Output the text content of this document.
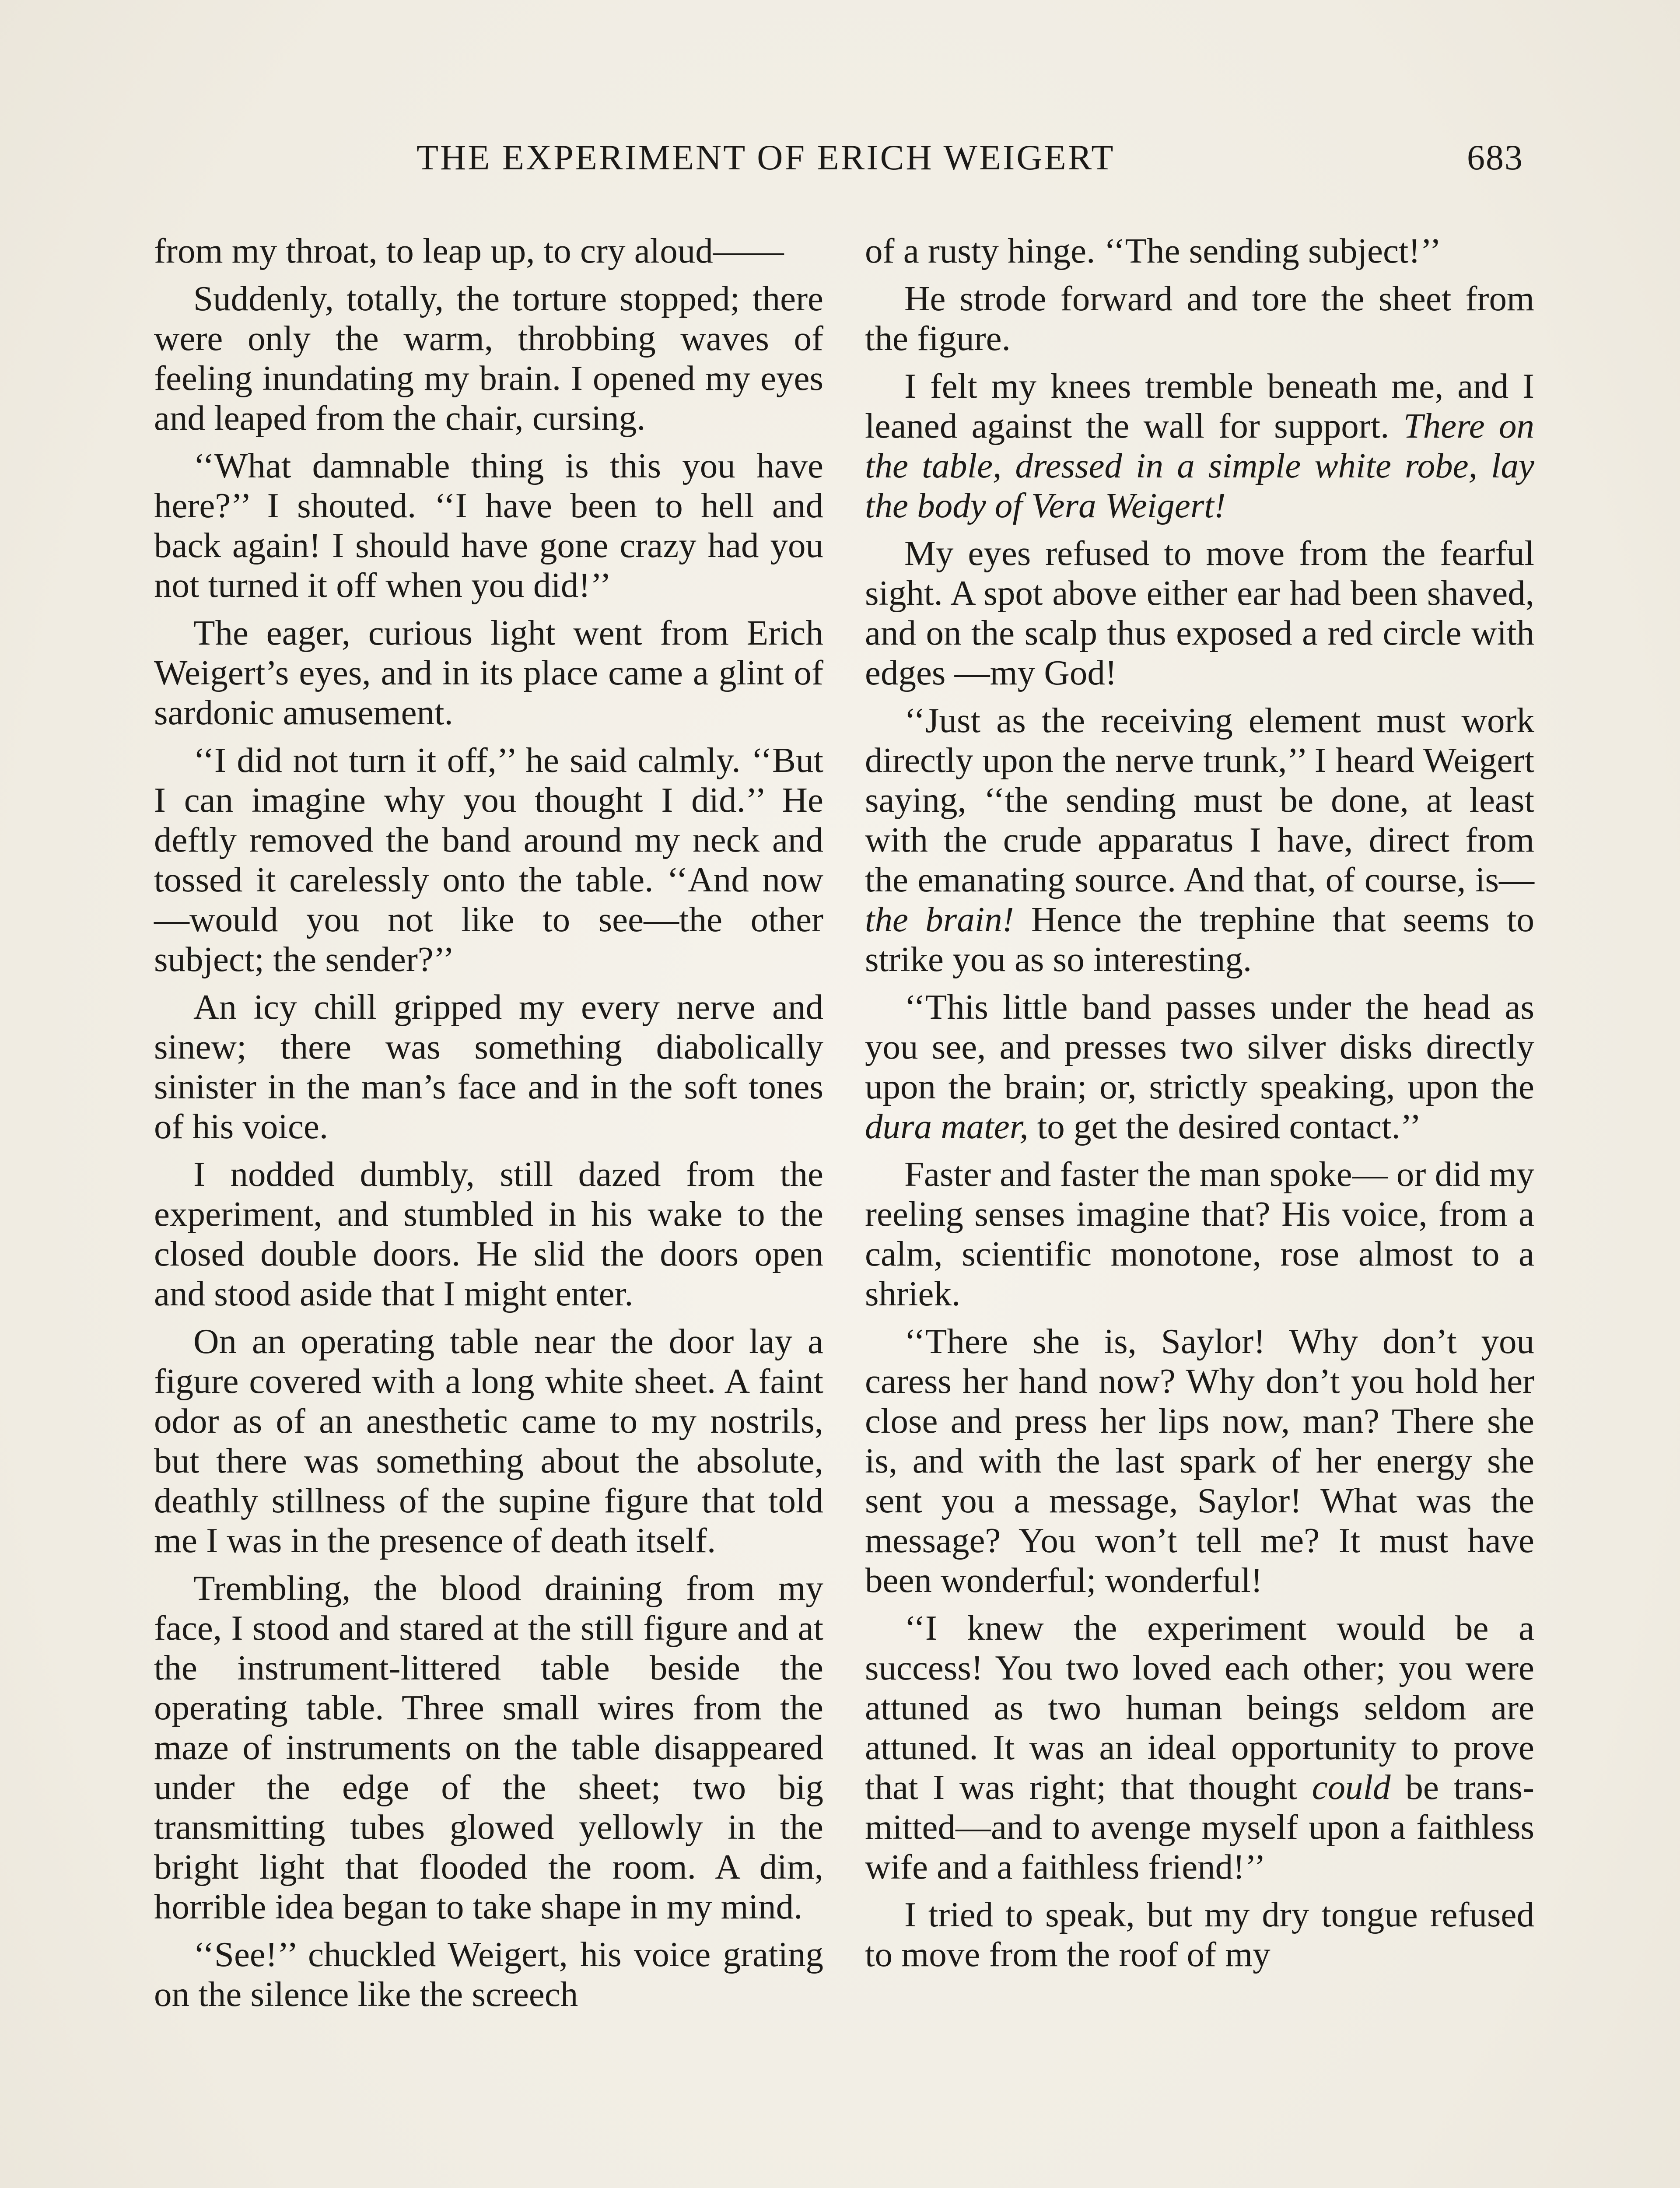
THE EXPERIMENT OF ERICH WEIGERT	683

from my throat, to leap up, to cry aloud——

Suddenly, totally, the torture stopped; there were only the warm, throbbing waves of feeling inundating my brain. I opened my eyes and leaped from the chair, cursing.

‘‘What damnable thing is this you have here?’’ I shouted. ‘‘I have been to hell and back again! I should have gone crazy had you not turned it off when you did!’’

The eager, curious light went from Erich Weigert’s eyes, and in its place came a glint of sardonic amusement.

‘‘I did not turn it off,’’ he said calmly. ‘‘But I can imagine why you thought I did.’’ He deftly removed the band around my neck and tossed it carelessly onto the table. ‘‘And now—would you not like to see—the other subject; the sender?’’

An icy chill gripped my every nerve and sinew; there was something diabolically sinister in the man’s face and in the soft tones of his voice.

I nodded dumbly, still dazed from the experiment, and stumbled in his wake to the closed double doors. He slid the doors open and stood aside that I might enter.

On an operating table near the door lay a figure covered with a long white sheet. A faint odor as of an anesthetic came to my nostrils, but there was something about the absolute, deathly stillness of the supine figure that told me I was in the presence of death itself.

Trembling, the blood draining from my face, I stood and stared at the still figure and at the instrument-littered table beside the operating table. Three small wires from the maze of instruments on the table disappeared under the edge of the sheet; two big transmitting tubes glowed yellowly in the bright light that flooded the room. A dim, horrible idea began to take shape in my mind.

‘‘See!’’ chuckled Weigert, his voice grating on the silence like the screech

of a rusty hinge. ‘‘The sending subject!’’

He strode forward and tore the sheet from the figure.

I felt my knees tremble beneath me, and I leaned against the wall for support. There on the table, dressed in a simple white robe, lay the body of Vera Weigert!

My eyes refused to move from the fearful sight. A spot above either ear had been shaved, and on the scalp thus exposed a red circle with edges —my God!

‘‘Just as the receiving element must work directly upon the nerve trunk,’’ I heard Weigert saying, ‘‘the sending must be done, at least with the crude apparatus I have, direct from the emanating source. And that, of course, is—the brain! Hence the trephine that seems to strike you as so interesting.

‘‘This little band passes under the head as you see, and presses two silver disks directly upon the brain; or, strictly speaking, upon the dura mater, to get the desired contact.’’

Faster and faster the man spoke— or did my reeling senses imagine that? His voice, from a calm, scientific monotone, rose almost to a shriek.

‘‘There she is, Saylor! Why don’t you caress her hand now? Why don’t you hold her close and press her lips now, man? There she is, and with the last spark of her energy she sent you a message, Saylor! What was the message? You won’t tell me? It must have been wonderful; wonderful!

‘‘I knew the experiment would be a success! You two loved each other; you were attuned as two human beings seldom are attuned. It was an ideal opportunity to prove that I was right; that thought could be transmitted—and to avenge myself upon a faithless wife and a faithless friend!’’

I tried to speak, but my dry tongue refused to move from the roof of my
